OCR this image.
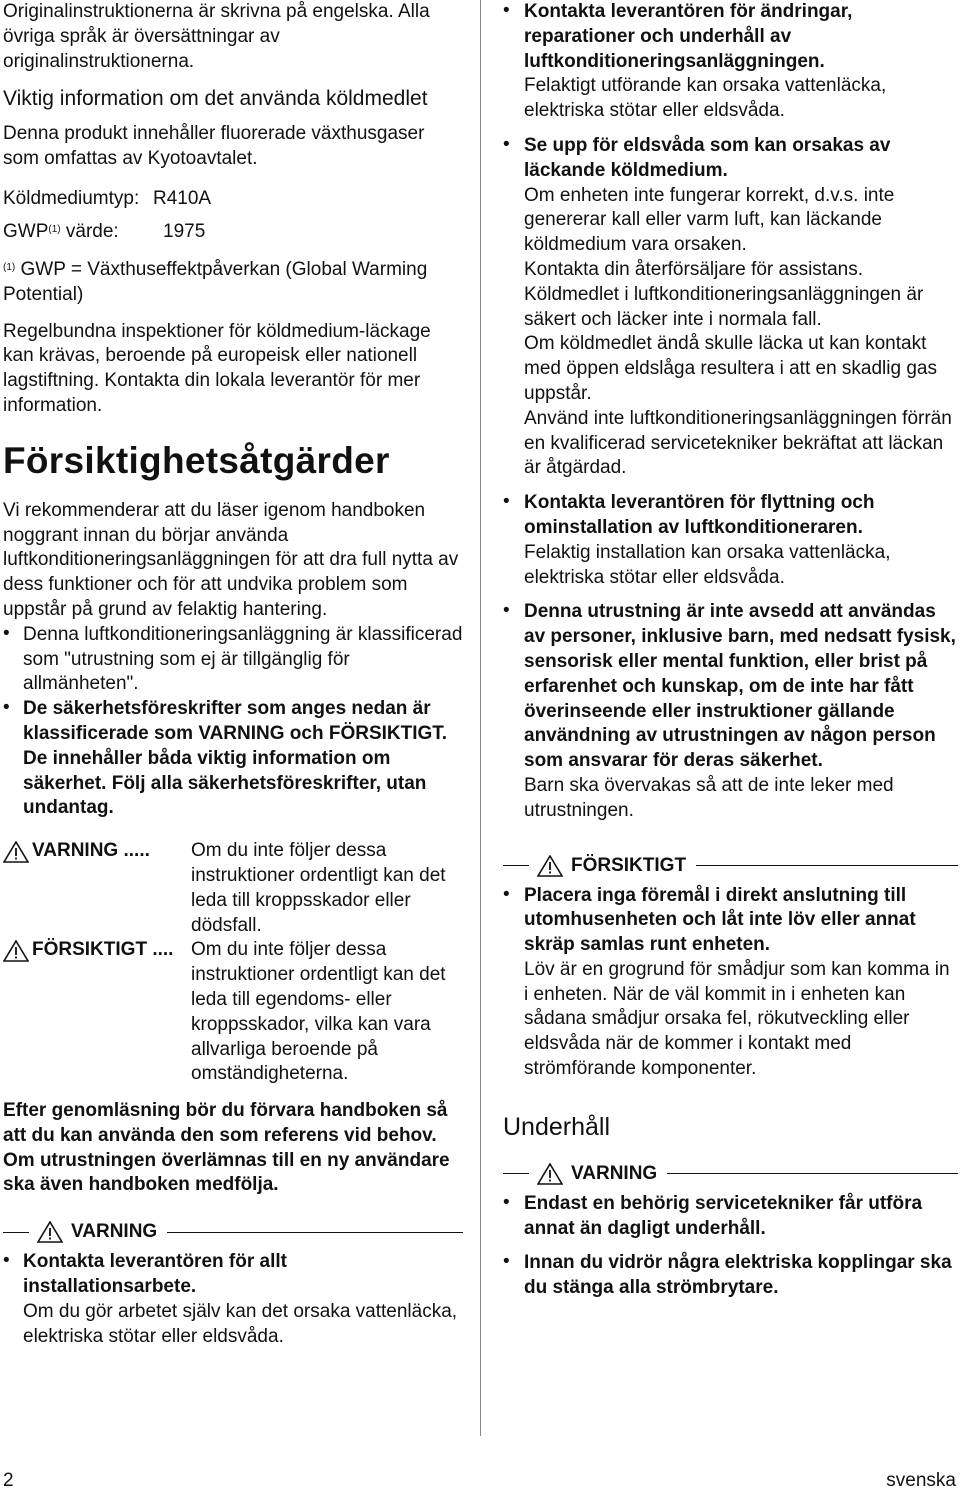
Originalinstruktionerna är skrivna på engelska. Alla övriga språk är översättningar av originalinstruktionerna.

Viktig information om det använda köldmedlet

Denna produkt innehåller fluorerade växthusgaser som omfattas av Kyotoavtalet.

Köldmediumtyp: R410A
GWP$^{(1)}$ värde: 1975

$^{(1)}$ GWP = Växthuseffektpåverkan (Global Warming Potential)

Regelbundna inspektioner för köldmedium-läckage kan krävas, beroende på europeisk eller nationell lagstiftning. Kontakta din lokala leverantör för mer information.

Försiktighetsåtgärder

Vi rekommenderar att du läser igenom handboken noggrant innan du börjar använda luftkonditioneringsanläggningen för att dra full nytta av dess funktioner och för att undvika problem som uppstår på grund av felaktig hantering.

• Denna luftkonditioneringsanläggning är klassificerad som "utrustning som ej är tillgänglig för allmänheten".

• De säkerhetsföreskrifter som anges nedan är klassificerade som VARNING och FÖRSIKTIGT. De innehåller båda viktig information om säkerhet. Följ alla säkerhetsföreskrifter, utan undantag.

VARNING ..... Om du inte följer dessa instruktioner ordentligt kan det leda till kroppsskador eller dödsfall.
FÖRSIKTIGT .... Om du inte följer dessa instruktioner ordentligt kan det leda till egendoms- eller kroppsskador, vilka kan vara allvarliga beroende på omständigheterna.

Efter genomläsning bör du förvara handboken så att du kan använda den som referens vid behov. Om utrustningen överlämnas till en ny användare ska även handboken medfölja.

VARNING
• Kontakta leverantören för allt installationsarbete.

Om du gör arbetet själv kan det orsaka vattenläcka, elektriska stötar eller eldsvåda.

• Kontakta leverantören för ändringar, reparationer och underhåll av luftkonditioneringsanläggningen.

Felaktigt utförande kan orsaka vattenläcka, elektriska stötar eller eldsvåda.

• Se upp för eldsvåda som kan orsakas av läckande köldmedium.

Om enheten inte fungerar korrekt, d.v.s. inte genererar kall eller varm luft, kan läckande köldmedium vara orsaken.

Kontakta din återförsäljare för assistans.

Köldmedlet i luftkonditioneringsanläggningen är säkert och läcker inte i normala fall.

Om köldmedlet ändå skulle läcka ut kan kontakt med öppen eldslåga resultera i att en skadlig gas uppstår.

Använd inte luftkonditioneringsanläggningen förrän en kvalificerad servicetekniker bekräftat att läckan är åtgärdad.

• Kontakta leverantören för flyttning och ominstallation av luftkonditioneraren.

Felaktig installation kan orsaka vattenläcka, elektriska stötar eller eldsvåda.

• Denna utrustning är inte avsedd att användas av personer, inklusive barn, med nedsatt fysisk, sensorisk eller mental funktion, eller brist på erfarenhet och kunskap, om de inte har fått överinseende eller instruktioner gällande användning av utrustningen av någon person som ansvarar för deras säkerhet.

Barn ska övervakas så att de inte leker med utrustningen.

FÖRSIKTIGT
• Placera inga föremål i direkt anslutning till utomhusenheten och låt inte löv eller annat skräp samlas runt enheten.

Löv är en grogrund för smådjur som kan komma in i enheten. När de väl kommit in i enheten kan sådana smådjur orsaka fel, rökutveckling eller eldsvåda när de kommer i kontakt med strömförande komponenter.

Underhåll
VARNING
• Endast en behörig servicetekniker får utföra annat än dagligt underhåll.

• Innan du vidrör några elektriska kopplingar ska du stänga alla strömbrytare.

2	svenska
